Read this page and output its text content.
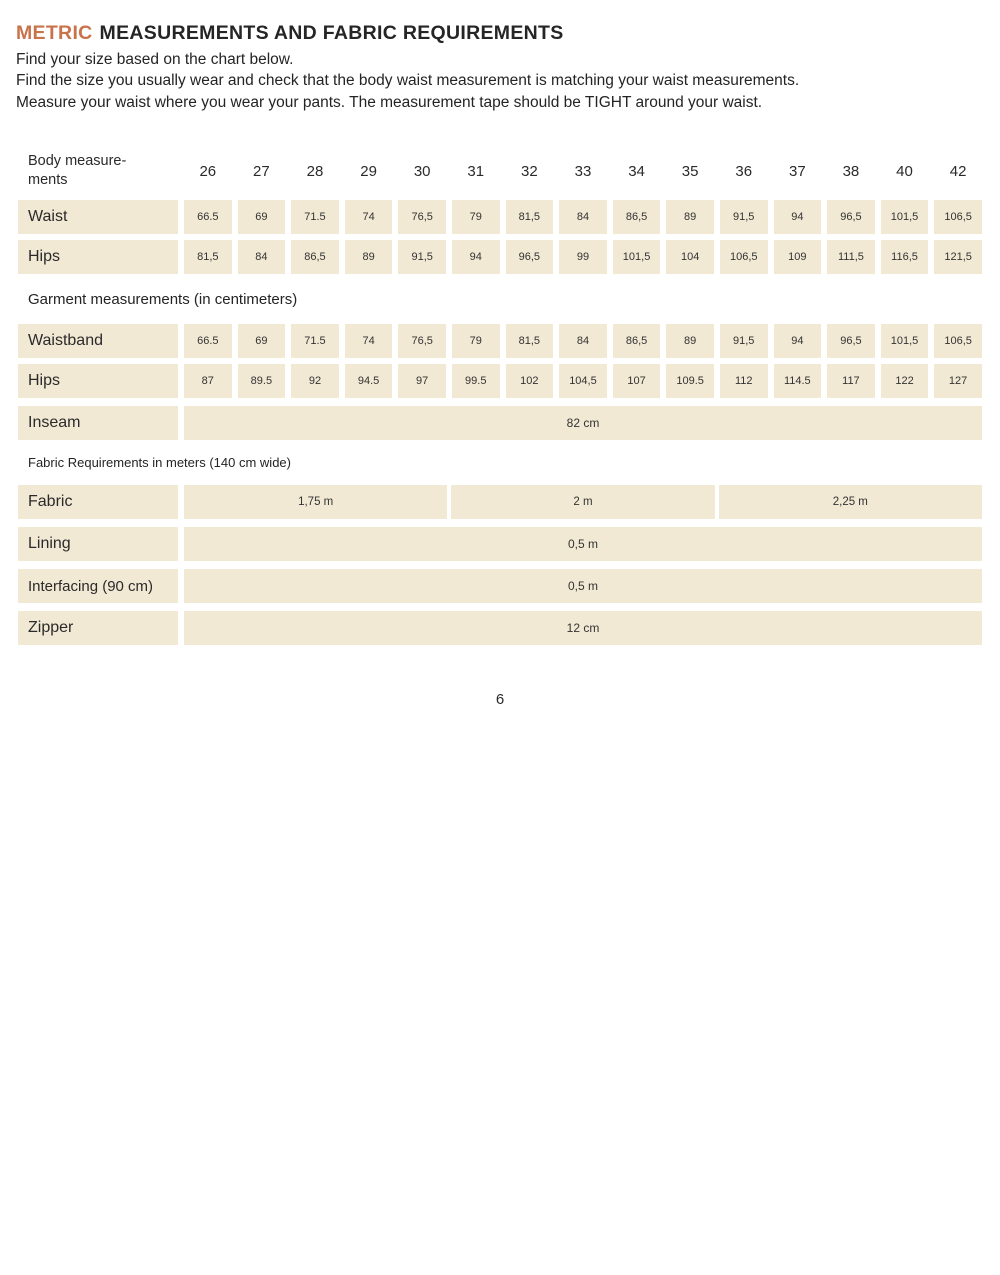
METRIC MEASUREMENTS AND FABRIC REQUIREMENTS

Find your size based on the chart below.

Find the size you usually wear and check that the body waist measurement is matching your waist measurements.

Measure your waist where you wear your pants. The measurement tape should be TIGHT around your waist.

Body measure-
ments
26	27	28	29	30	31	32	33	34	35	36	37	38	40	42
Waist	66.5	69	71.5	74	76,5	79	81,5	84	86,5	89	91,5	94	96,5	101,5	106,5
Hips	81,5	84	86,5	89	91,5	94	96,5	99	101,5	104	106,5	109	111,5	116,5	121,5
Garment measurements (in centimeters)
Waistband	66.5	69	71.5	74	76,5	79	81,5	84	86,5	89	91,5	94	96,5	101,5	106,5
Hips	87	89.5	92	94.5	97	99.5	102	104,5	107	109.5	112	114.5	117	122	127
Inseam	82 cm
Fabric Requirements in meters (140 cm wide)
Fabric	1,75 m	2 m	2,25 m
Lining	0,5 m
Interfacing (90 cm)	0,5 m
Zipper	12 cm
6
